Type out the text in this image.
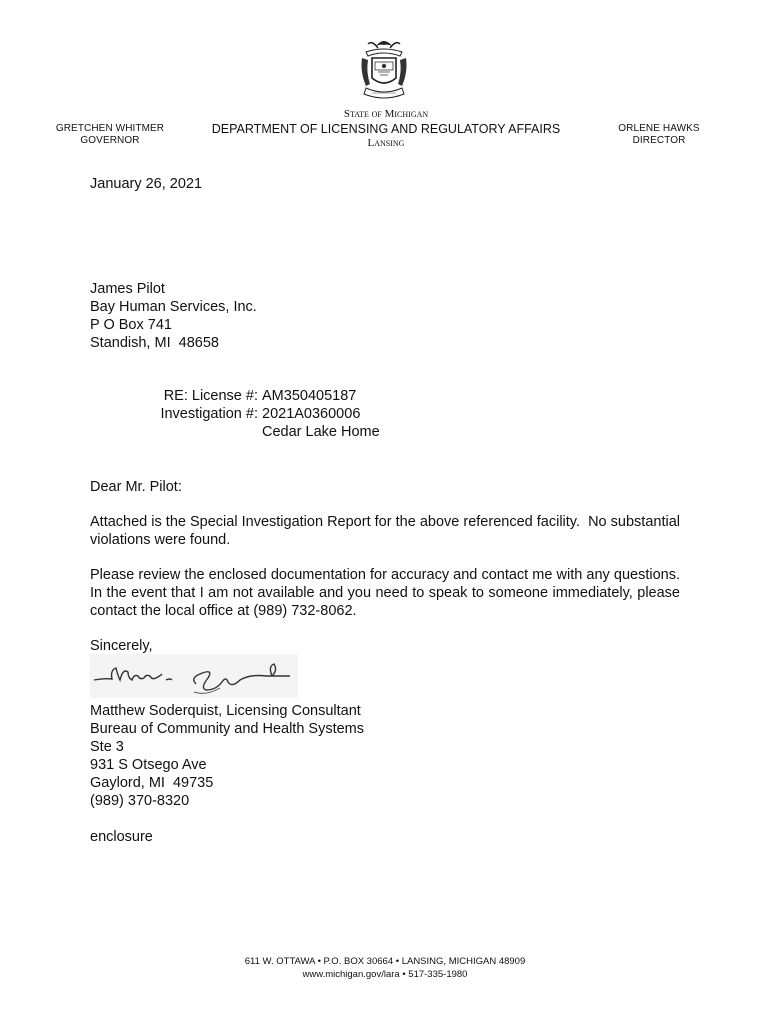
GRETCHEN WHITMER
GOVERNOR
State of Michigan
DEPARTMENT OF LICENSING AND REGULATORY AFFAIRS
Lansing
ORLENE HAWKS
DIRECTOR
January 26, 2021
James Pilot
Bay Human Services, Inc.
P O Box 741
Standish, MI  48658
RE: License #: AM350405187
Investigation #: 2021A0360006
Cedar Lake Home
Dear Mr. Pilot:
Attached is the Special Investigation Report for the above referenced facility.  No substantial violations were found.
Please review the enclosed documentation for accuracy and contact me with any questions.  In the event that I am not available and you need to speak to someone immediately, please contact the local office at (989) 732-8062.
Sincerely,
Matthew Soderquist, Licensing Consultant
Bureau of Community and Health Systems
Ste 3
931 S Otsego Ave
Gaylord, MI  49735
(989) 370-8320
enclosure
611 W. OTTAWA • P.O. BOX 30664 • LANSING, MICHIGAN 48909
www.michigan.gov/lara • 517-335-1980
